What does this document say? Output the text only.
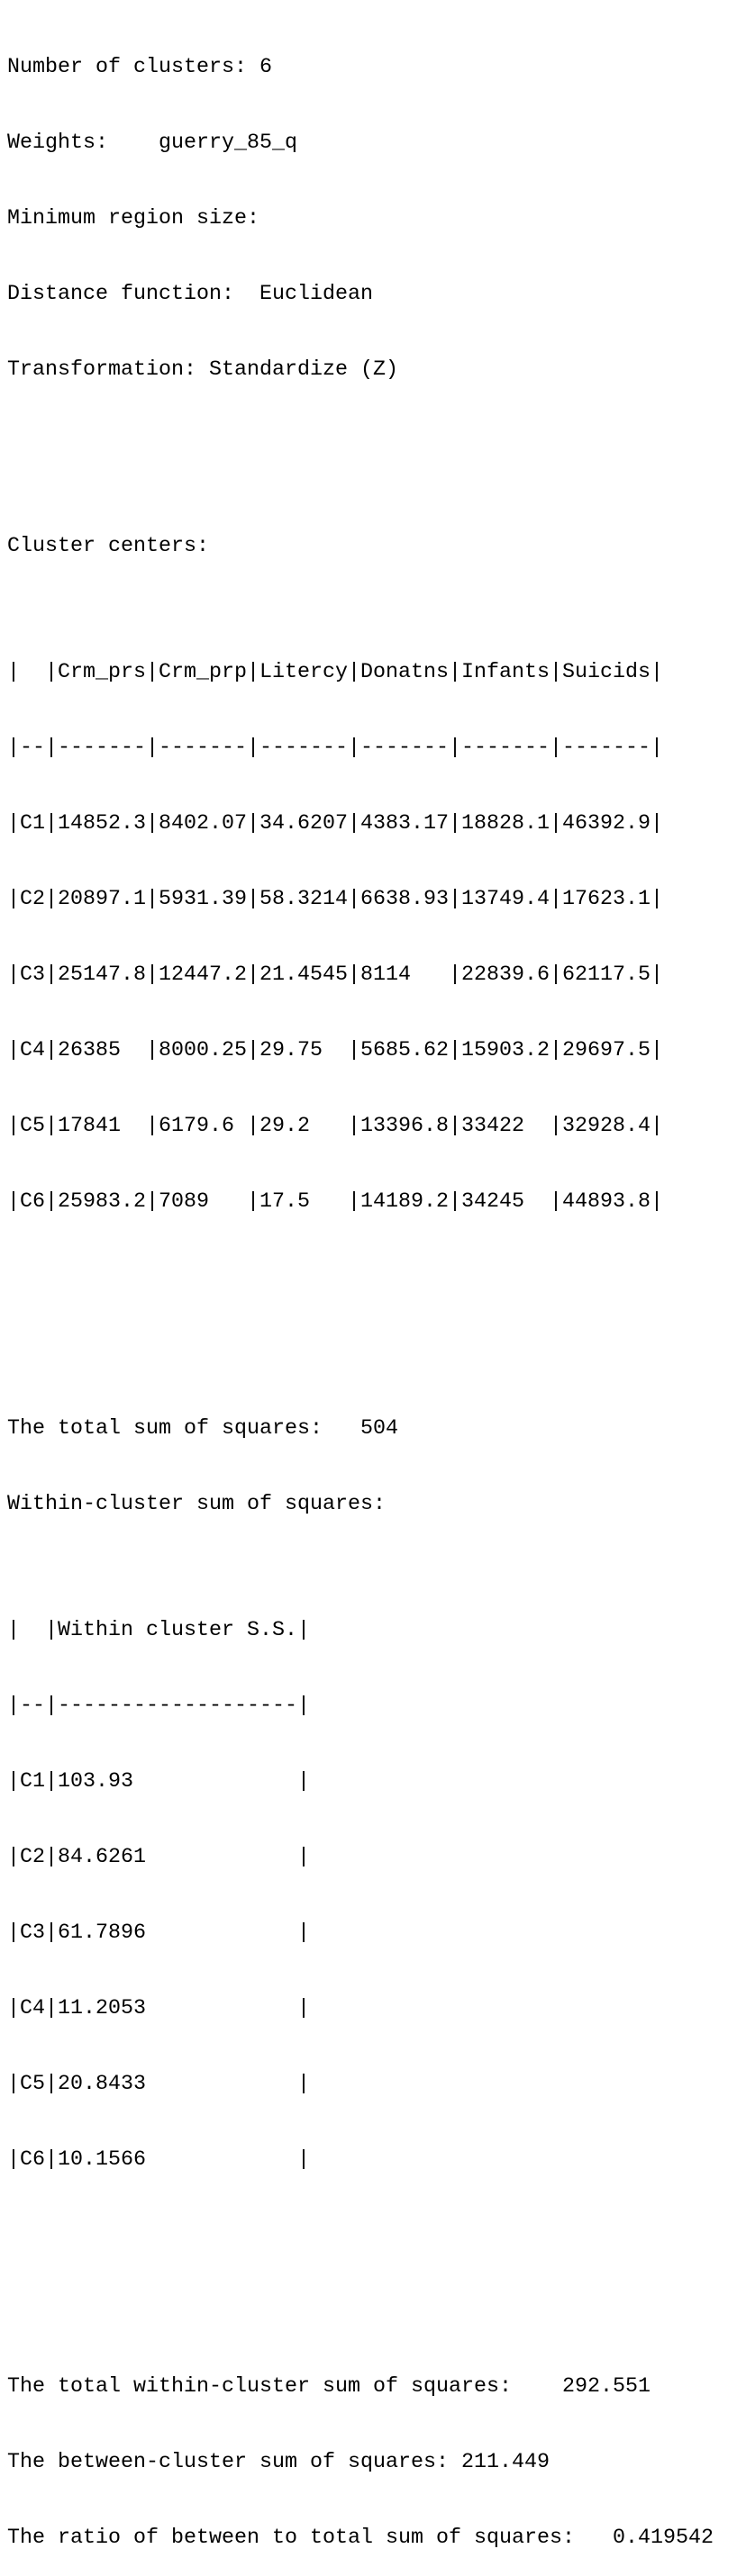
Number of clusters: 6

Weights:    guerry_85_q

Minimum region size:

Distance function:  Euclidean

Transformation: Standardize (Z)

Cluster centers:

|  |Crm_prs|Crm_prp|Litercy|Donatns|Infants|Suicids|

|--|-------|-------|-------|-------|-------|-------|

|C1|14852.3|8402.07|34.6207|4383.17|18828.1|46392.9|

|C2|20897.1|5931.39|58.3214|6638.93|13749.4|17623.1|

|C3|25147.8|12447.2|21.4545|8114   |22839.6|62117.5|

|C4|26385  |8000.25|29.75  |5685.62|15903.2|29697.5|

|C5|17841  |6179.6 |29.2   |13396.8|33422  |32928.4|

|C6|25983.2|7089   |17.5   |14189.2|34245  |44893.8|

The total sum of squares:   504

Within-cluster sum of squares:

|  |Within cluster S.S.|

|--|-------------------|

|C1|103.93             |

|C2|84.6261            |

|C3|61.7896            |

|C4|11.2053            |

|C5|20.8433            |

|C6|10.1566            |

The total within-cluster sum of squares:    292.551

The between-cluster sum of squares: 211.449

The ratio of between to total sum of squares:   0.419542
